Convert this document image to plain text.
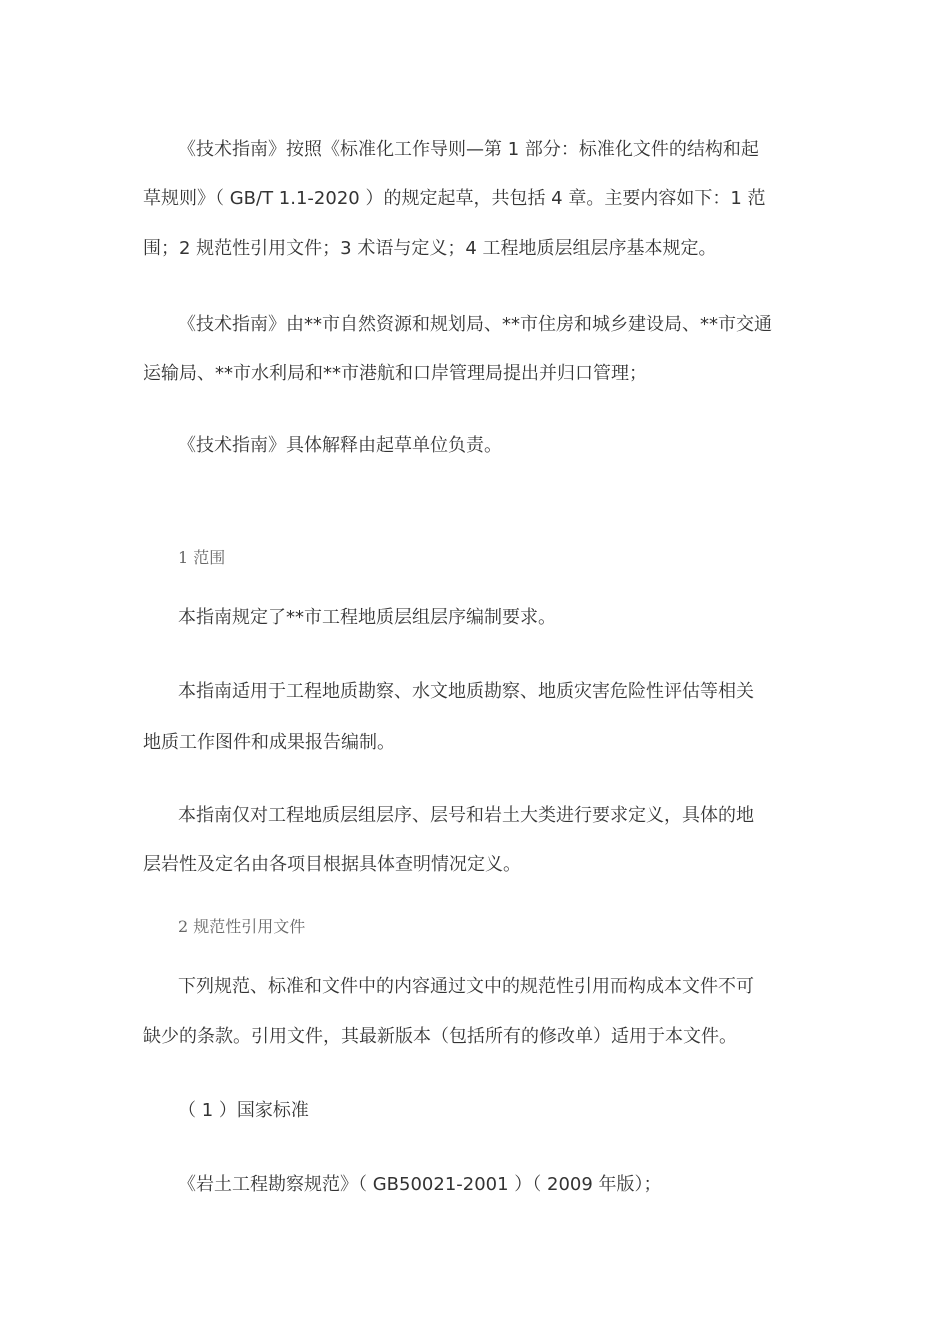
《技术指南》按照《标准化工作导则—第 1 部分：标准化文件的结构和起
草规则》（ GB/T 1.1-2020 ）的规定起草，共包括 4 章。主要内容如下：1 范
围；2 规范性引用文件；3 术语与定义；4 工程地质层组层序基本规定。
《技术指南》由**市自然资源和规划局、**市住房和城乡建设局、**市交通
运输局、**市水利局和**市港航和口岸管理局提出并归口管理；
《技术指南》具体解释由起草单位负责。
1 范围
本指南规定了**市工程地质层组层序编制要求。
本指南适用于工程地质勘察、水文地质勘察、地质灾害危险性评估等相关
地质工作图件和成果报告编制。
本指南仅对工程地质层组层序、层号和岩土大类进行要求定义，具体的地
层岩性及定名由各项目根据具体查明情况定义。
2 规范性引用文件
下列规范、标准和文件中的内容通过文中的规范性引用而构成本文件不可
缺少的条款。引用文件，其最新版本（包括所有的修改单）适用于本文件。
（ 1 ）国家标准
《岩土工程勘察规范》（ GB50021-2001 ）（ 2009 年版）；
